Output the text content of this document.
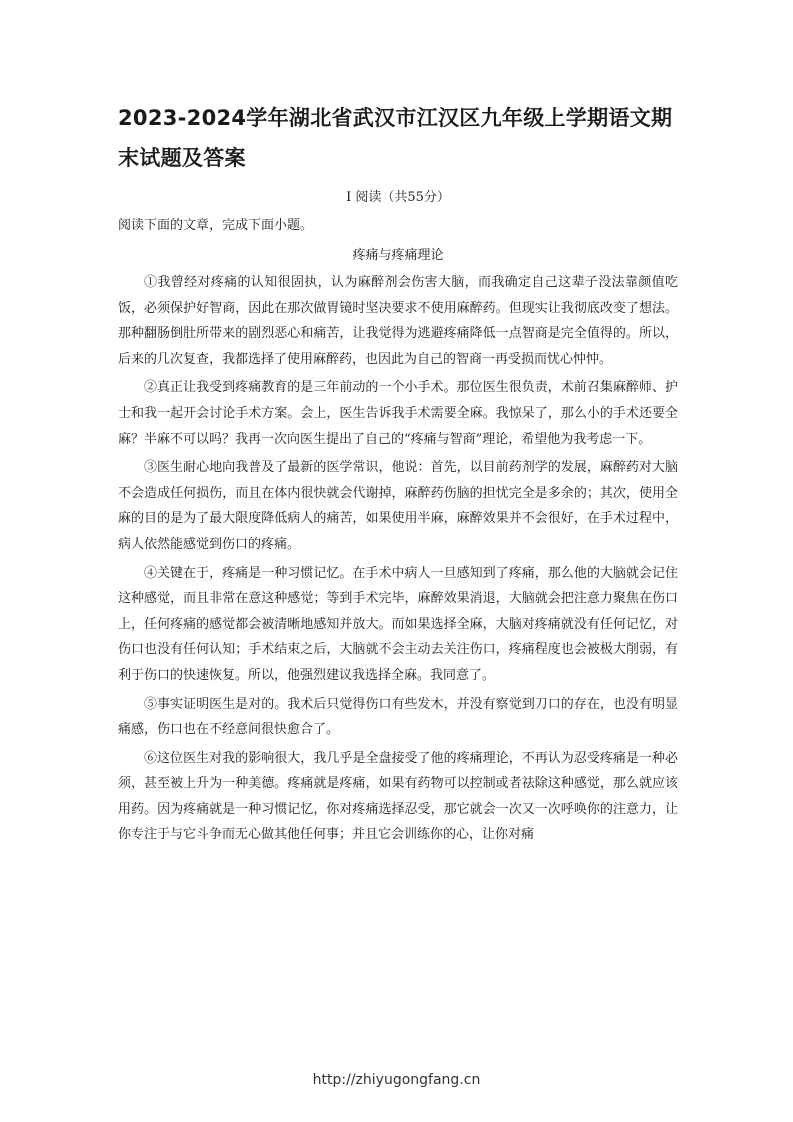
2023-2024学年湖北省武汉市江汉区九年级上学期语文期末试题及答案
I 阅读（共55分）
阅读下面的文章，完成下面小题。
疼痛与疼痛理论

①我曾经对疼痛的认知很固执，认为麻醉剂会伤害大脑，而我确定自己这辈子没法靠颜值吃饭，必须保护好智商，因此在那次做胃镜时坚决要求不使用麻醉药。但现实让我彻底改变了想法。那种翻肠倒肚所带来的剧烈恶心和痛苦，让我觉得为逃避疼痛降低一点智商是完全值得的。所以，后来的几次复查，我都选择了使用麻醉药，也因此为自己的智商一再受损而忧心忡忡。

②真正让我受到疼痛教育的是三年前动的一个小手术。那位医生很负责，术前召集麻醉师、护士和我一起开会讨论手术方案。会上，医生告诉我手术需要全麻。我惊呆了，那么小的手术还要全麻？半麻不可以吗？我再一次向医生提出了自己的“疼痛与智商”理论，希望他为我考虑一下。

③医生耐心地向我普及了最新的医学常识，他说：首先，以目前药剂学的发展，麻醉药对大脑不会造成任何损伤，而且在体内很快就会代谢掉，麻醉药伤脑的担忧完全是多余的；其次，使用全麻的目的是为了最大限度降低病人的痛苦，如果使用半麻，麻醉效果并不会很好，在手术过程中，病人依然能感觉到伤口的疼痛。

④关键在于，疼痛是一种习惯记忆。在手术中病人一旦感知到了疼痛，那么他的大脑就会记住这种感觉，而且非常在意这种感觉；等到手术完毕，麻醉效果消退，大脑就会把注意力聚焦在伤口上，任何疼痛的感觉都会被清晰地感知并放大。而如果选择全麻，大脑对疼痛就没有任何记忆，对伤口也没有任何认知；手术结束之后，大脑就不会主动去关注伤口，疼痛程度也会被极大削弱，有利于伤口的快速恢复。所以，他强烈建议我选择全麻。我同意了。

⑤事实证明医生是对的。我术后只觉得伤口有些发木，并没有察觉到刀口的存在，也没有明显痛感，伤口也在不经意间很快愈合了。

⑥这位医生对我的影响很大，我几乎是全盘接受了他的疼痛理论，不再认为忍受疼痛是一种必须，甚至被上升为一种美德。疼痛就是疼痛，如果有药物可以控制或者祛除这种感觉，那么就应该用药。因为疼痛就是一种习惯记忆，你对疼痛选择忍受，那它就会一次又一次呼唤你的注意力，让你专注于与它斗争而无心做其他任何事；并且它会训练你的心，让你对痛

http://zhiyugongfang.cn
